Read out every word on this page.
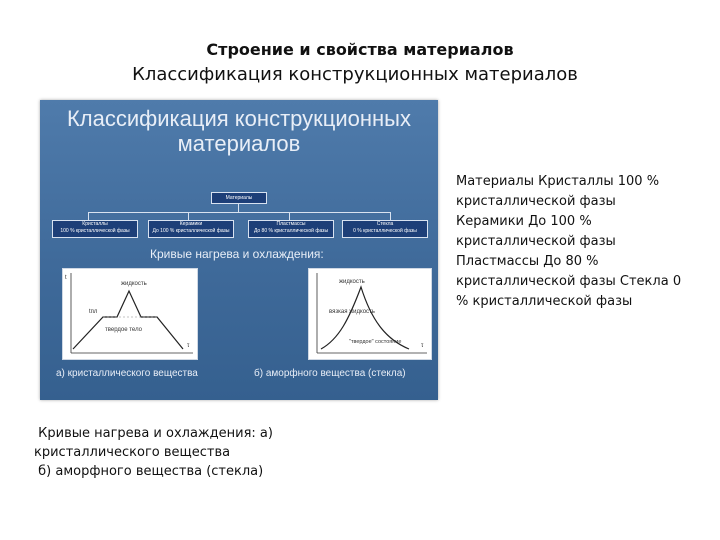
Строение и свойства материалов
Классификация конструкционных материалов
Классификация конструкционных
материалов
Материалы
Кристаллы
100 % кристаллической фазы
Керамики
До 100 % кристаллической фазы
Пластмассы
До 80 % кристаллической фазы
Стекла
0 % кристаллической фазы
Кривые нагрева и охлаждения:
жидкость
твердое тело
tпл
t
τ
жидкость
вязкая жидкость
"твердое" состояние
τ
а) кристаллического вещества	б) аморфного вещества (стекла)
Материалы Кристаллы 100 % кристаллической фазы Керамики До 100 % кристаллической фазы Пластмассы До 80 % кристаллической фазы Стекла 0 % кристаллической фазы
Кривые нагрева и охлаждения: а)
кристаллического вещества
б) аморфного вещества (стекла)
